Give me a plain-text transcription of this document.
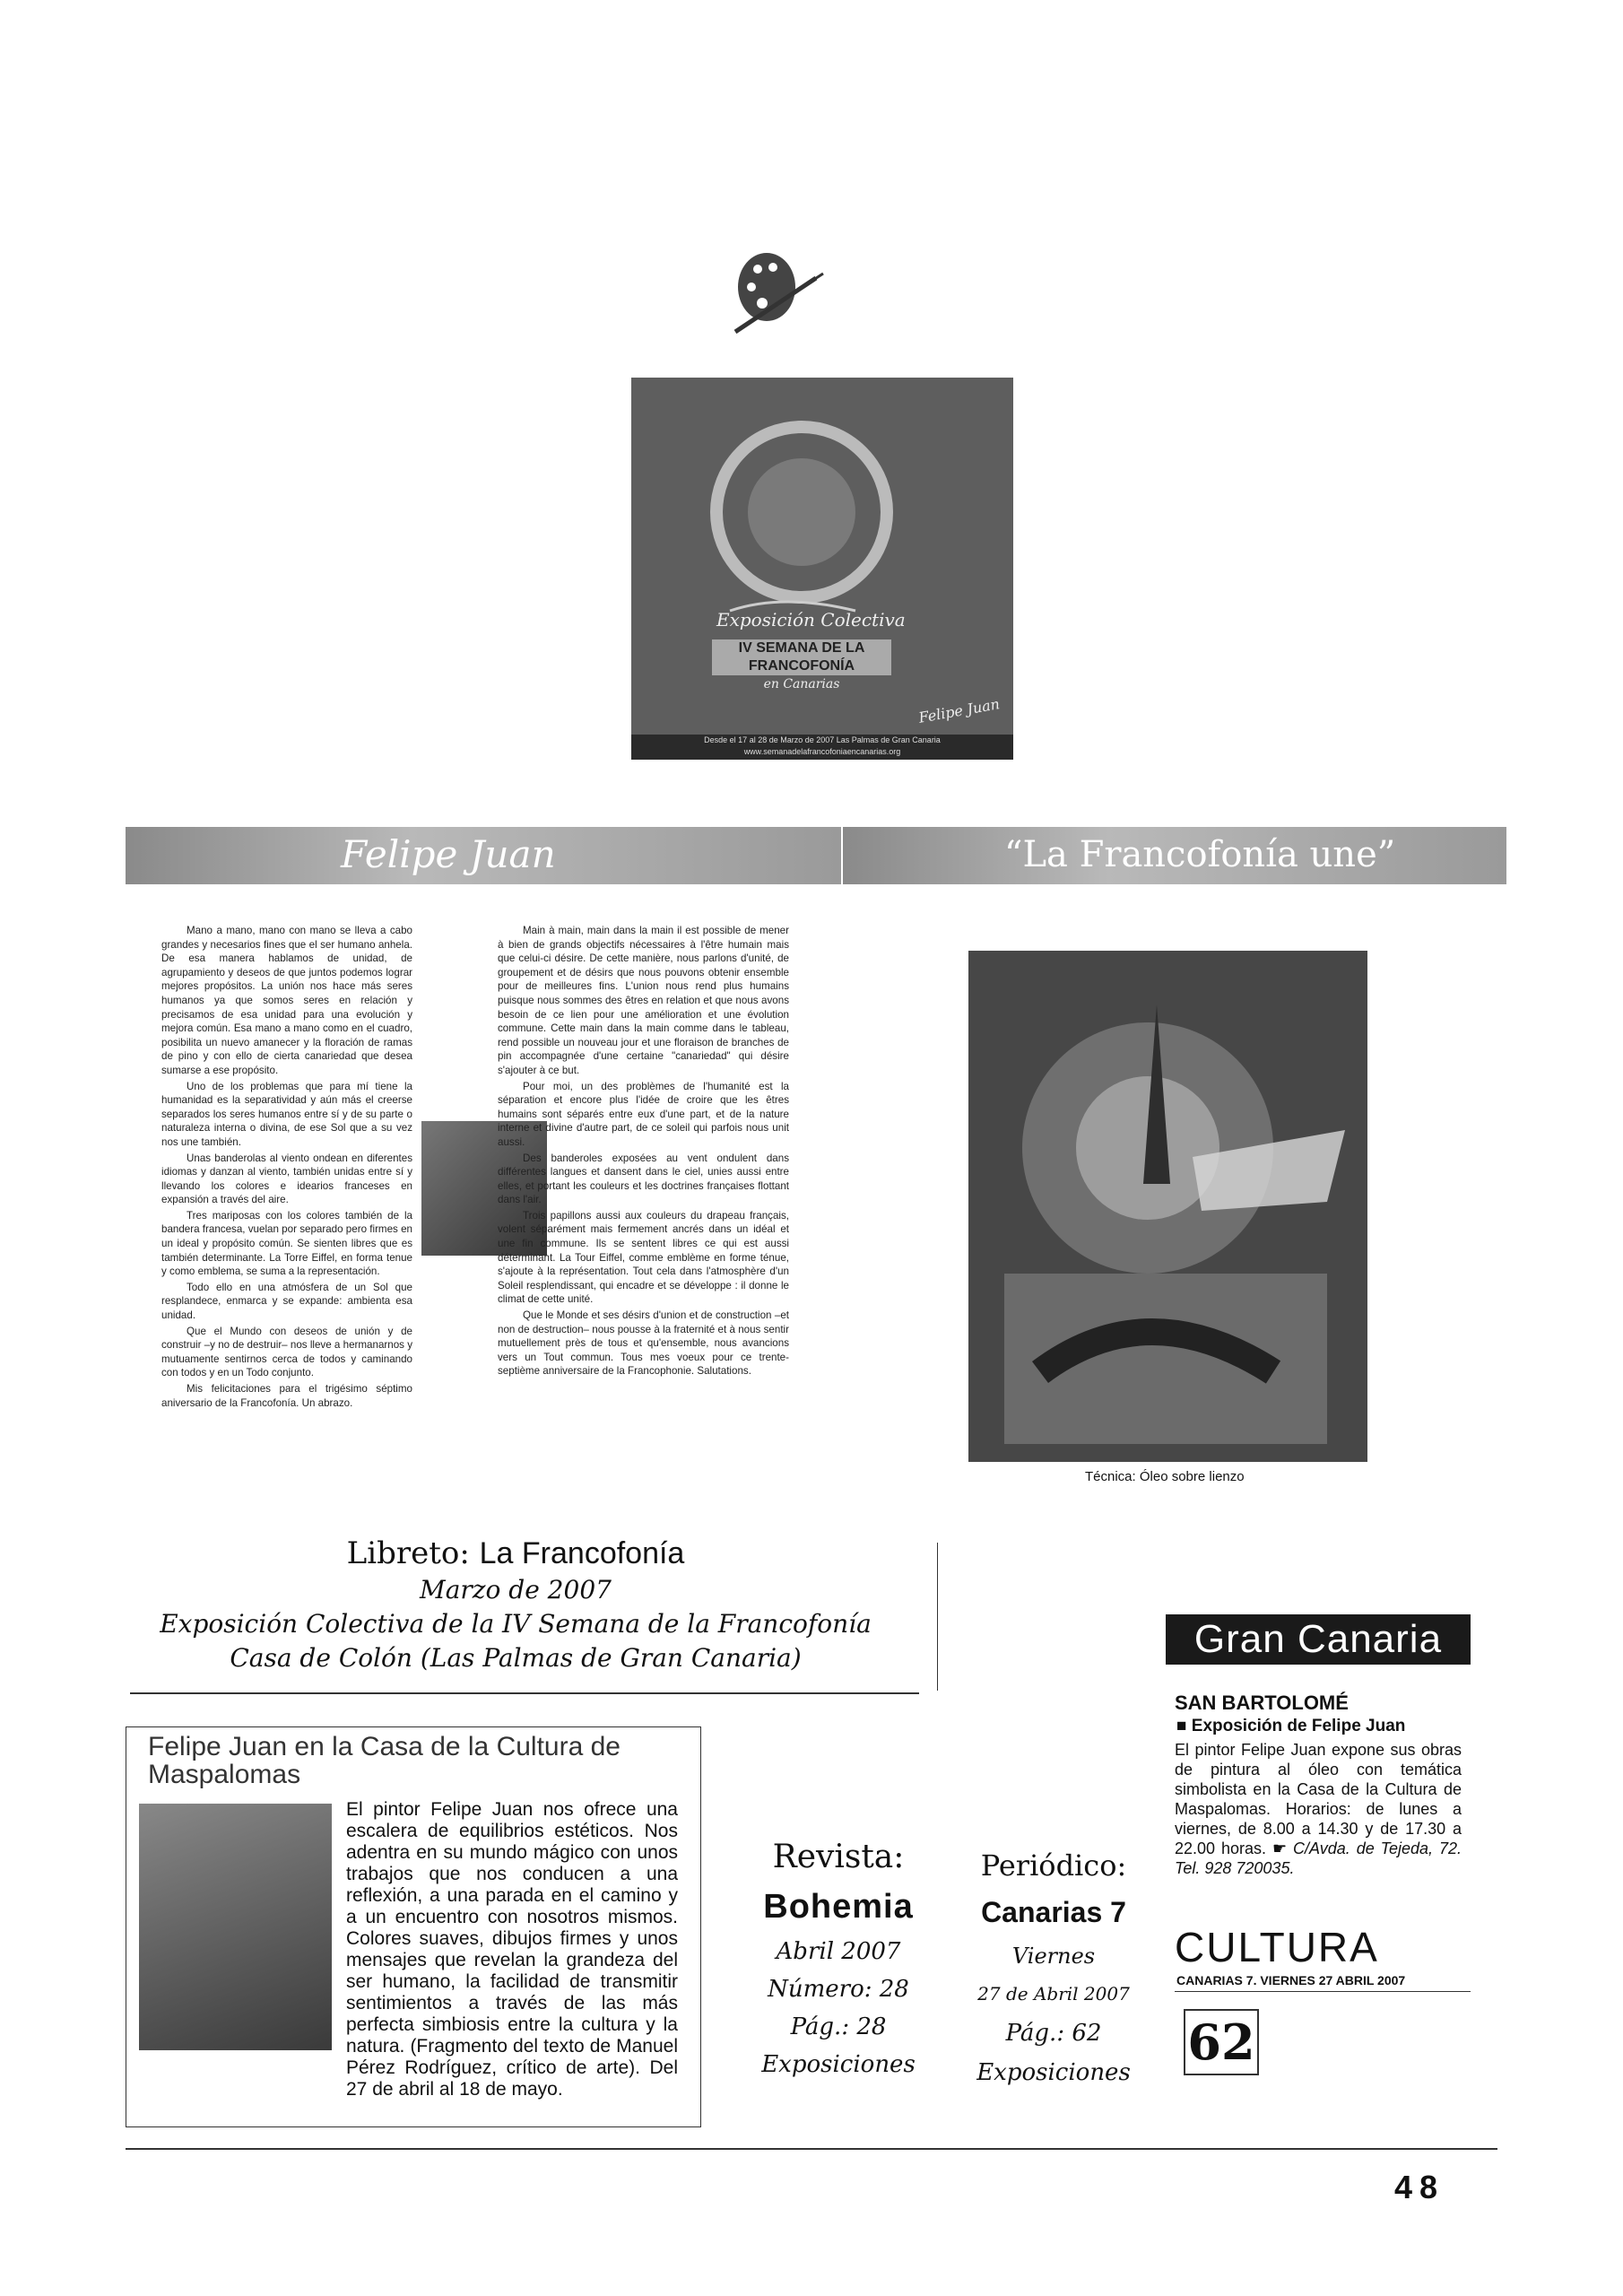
Exposición Colectiva
IV SEMANA DE LA FRANCOFONÍA
en Canarias
Felipe Juan
Desde el 17 al 28 de Marzo de 2007 Las Palmas de Gran Canaria
www.semanadelafrancofoniaencanarias.org
Felipe Juan	“La Francofonía une”

Mano a mano, mano con mano se lleva a cabo grandes y necesarios fines que el ser humano anhela. De esa manera hablamos de unidad, de agrupamiento y deseos de que juntos podemos lograr mejores propósitos. La unión nos hace más seres humanos ya que somos seres en relación y precisamos de esa unidad para una evolución y mejora común. Esa mano a mano como en el cuadro, posibilita un nuevo amanecer y la floración de ramas de pino y con ello de cierta canariedad que desea sumarse a ese propósito.

Uno de los problemas que para mí tiene la humanidad es la separatividad y aún más el creerse separados los seres humanos entre sí y de su parte o naturaleza interna o divina, de ese Sol que a su vez nos une también.

Unas banderolas al viento ondean en diferentes idiomas y danzan al viento, también unidas entre sí y llevando los colores e idearios franceses en expansión a través del aire.

Tres mariposas con los colores también de la bandera francesa, vuelan por separado pero firmes en un ideal y propósito común. Se sienten libres que es también determinante. La Torre Eiffel, en forma tenue y como emblema, se suma a la representación.

Todo ello en una atmósfera de un Sol que resplandece, enmarca y se expande: ambienta esa unidad.

Que el Mundo con deseos de unión y de construir –y no de destruir– nos lleve a hermanarnos y mutuamente sentirnos cerca de todos y caminando con todos y en un Todo conjunto.

Mis felicitaciones para el trigésimo séptimo aniversario de la Francofonía. Un abrazo.

Main à main, main dans la main il est possible de mener à bien de grands objectifs nécessaires à l'être humain mais que celui-ci désire. De cette manière, nous parlons d'unité, de groupement et de désirs que nous pouvons obtenir ensemble pour de meilleures fins. L'union nous rend plus humains puisque nous sommes des êtres en relation et que nous avons besoin de ce lien pour une amélioration et une évolution commune. Cette main dans la main comme dans le tableau, rend possible un nouveau jour et une floraison de branches de pin accompagnée d'une certaine "canariedad" qui désire s'ajouter à ce but.

Pour moi, un des problèmes de l'humanité est la séparation et encore plus l'idée de croire que les êtres humains sont séparés entre eux d'une part, et de la nature interne et divine d'autre part, de ce soleil qui parfois nous unit aussi.

Des banderoles exposées au vent ondulent dans différentes langues et dansent dans le ciel, unies aussi entre elles, et portant les couleurs et les doctrines françaises flottant dans l'air.

Trois papillons aussi aux couleurs du drapeau français, volent séparément mais fermement ancrés dans un idéal et une fin commune. Ils se sentent libres ce qui est aussi déterminant. La Tour Eiffel, comme emblème en forme ténue, s'ajoute à la représentation. Tout cela dans l'atmosphère d'un Soleil resplendissant, qui encadre et se développe : il donne le climat de cette unité.

Que le Monde et ses désirs d'union et de construction –et non de destruction– nous pousse à la fraternité et à nous sentir mutuellement près de tous et qu'ensemble, nous avancions vers un Tout commun. Tous mes voeux pour ce trente-septième anniversaire de la Francophonie. Salutations.

Técnica: Óleo sobre lienzo
Libreto: La Francofonía
Marzo de 2007
Exposición Colectiva de la IV Semana de la Francofonía
Casa de Colón (Las Palmas de Gran Canaria)
Felipe Juan en la Casa de la Cultura de Maspalomas
El pintor Felipe Juan nos ofrece una escalera de equilibrios estéticos. Nos adentra en su mundo mágico con unos trabajos que nos conducen a una reflexión, a una parada en el camino y a un encuentro con nosotros mismos. Colores suaves, dibujos firmes y unos mensajes que revelan la grandeza del ser humano, la facilidad de transmitir sentimientos a través de las más perfecta simbiosis entre la cultura y la natura. (Fragmento del texto de Manuel Pérez Rodríguez, crítico de arte). Del 27 de abril al 18 de mayo.
Revista:
Bohemia
Abril 2007
Número: 28
Pág.: 28
Exposiciones
Periódico:
Canarias 7
Viernes
27 de Abril 2007
Pág.: 62
Exposiciones
Gran Canaria
SAN BARTOLOMÉ
■ Exposición de Felipe Juan
El pintor Felipe Juan expone sus obras de pintura al óleo con temática simbolista en la Casa de la Cultura de Maspalomas. Horarios: de lunes a viernes, de 8.00 a 14.30 y de 17.30 a 22.00 horas. ☛ C/Avda. de Tejeda, 72. Tel. 928 720035.
CULTURA
CANARIAS 7. VIERNES 27 ABRIL 2007
62
48
